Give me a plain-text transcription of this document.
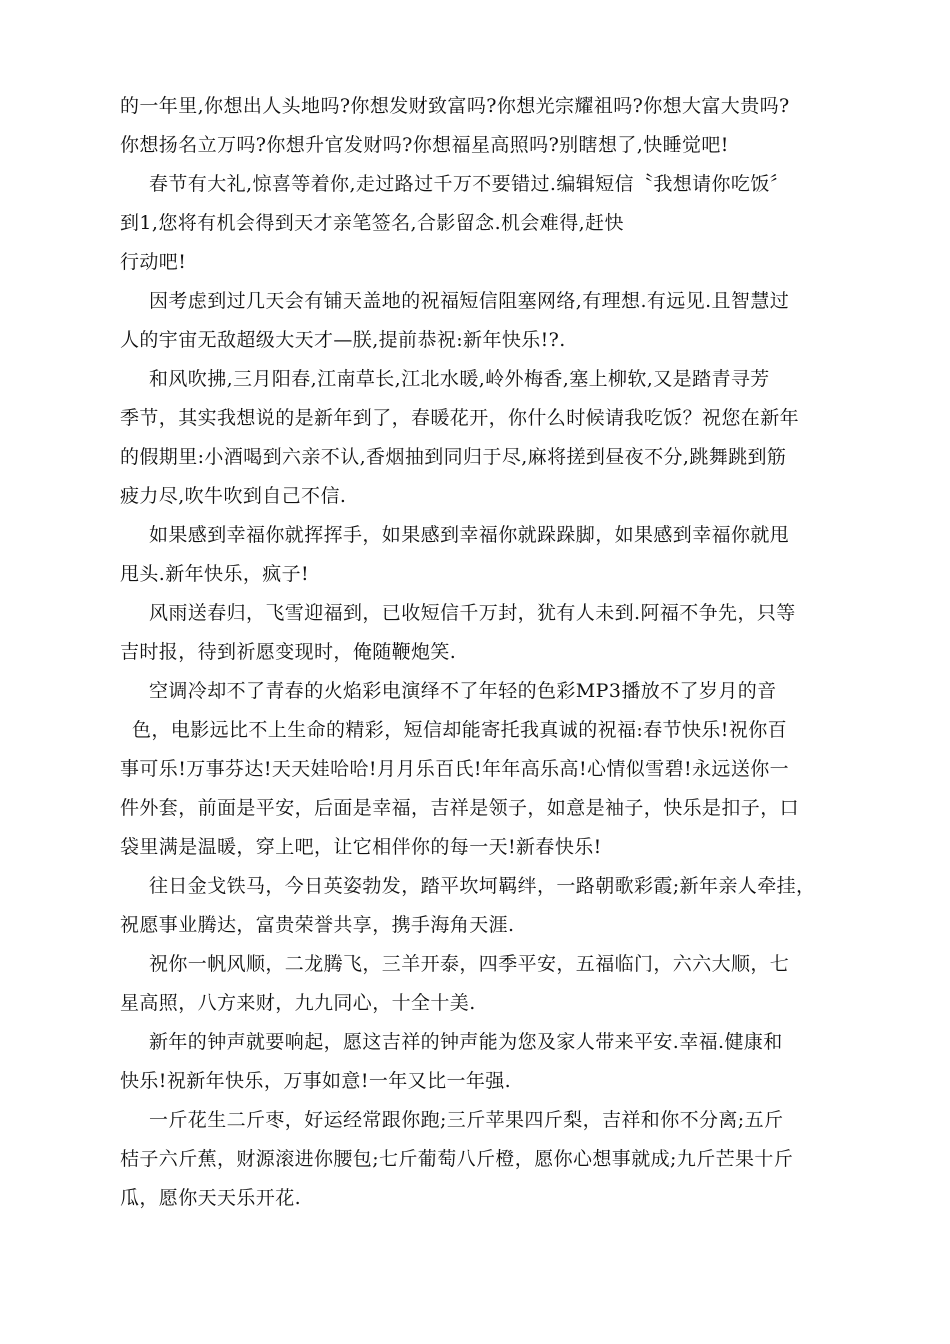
的一年里,你想出人头地吗?你想发财致富吗?你想光宗耀祖吗?你想大富大贵吗?
你想扬名立万吗?你想升官发财吗?你想福星高照吗?别瞎想了,快睡觉吧!
春节有大礼,惊喜等着你,走过路过千万不要错过.编辑短信〝我想请你吃饭〞
到1,您将有机会得到天才亲笔签名,合影留念.机会难得,赶快
行动吧!
因考虑到过几天会有铺天盖地的祝福短信阻塞网络,有理想.有远见.且智慧过
人的宇宙无敌超级大天才—朕,提前恭祝:新年快乐!?.
和风吹拂,三月阳春,江南草长,江北水暖,岭外梅香,塞上柳软,又是踏青寻芳
季节，其实我想说的是新年到了，春暖花开，你什么时候请我吃饭？祝您在新年
的假期里:小酒喝到六亲不认,香烟抽到同归于尽,麻将搓到昼夜不分,跳舞跳到筋
疲力尽,吹牛吹到自己不信.
如果感到幸福你就挥挥手，如果感到幸福你就跺跺脚，如果感到幸福你就甩
甩头.新年快乐，疯子!
风雨送春归，飞雪迎福到，已收短信千万封，犹有人未到.阿福不争先，只等
吉时报，待到祈愿变现时，俺随鞭炮笑.
空调冷却不了青春的火焰彩电演绎不了年轻的色彩MP3播放不了岁月的音
色，电影远比不上生命的精彩，短信却能寄托我真诚的祝福:春节快乐!祝你百
事可乐!万事芬达!天天娃哈哈!月月乐百氏!年年高乐高!心情似雪碧!永远送你一
件外套，前面是平安，后面是幸福，吉祥是领子，如意是袖子，快乐是扣子，口
袋里满是温暖，穿上吧，让它相伴你的每一天!新春快乐!
往日金戈铁马，今日英姿勃发，踏平坎坷羁绊，一路朝歌彩霞;新年亲人牵挂，
祝愿事业腾达，富贵荣誉共享，携手海角天涯.
祝你一帆风顺，二龙腾飞，三羊开泰，四季平安，五福临门，六六大顺，七
星高照，八方来财，九九同心，十全十美.
新年的钟声就要响起，愿这吉祥的钟声能为您及家人带来平安.幸福.健康和
快乐!祝新年快乐，万事如意!一年又比一年强.
一斤花生二斤枣，好运经常跟你跑;三斤苹果四斤梨，吉祥和你不分离;五斤
桔子六斤蕉，财源滚进你腰包;七斤葡萄八斤橙，愿你心想事就成;九斤芒果十斤
瓜，愿你天天乐开花.
